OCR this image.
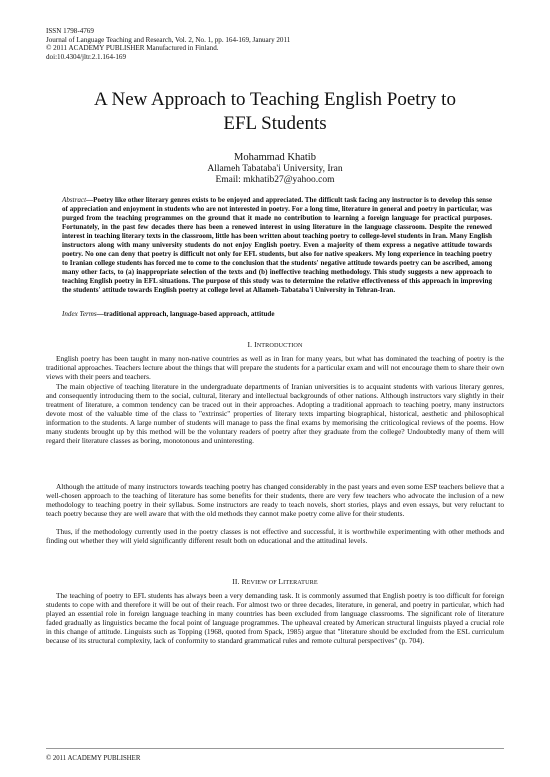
ISSN 1798-4769
Journal of Language Teaching and Research, Vol. 2, No. 1, pp. 164-169, January 2011
© 2011 ACADEMY PUBLISHER Manufactured in Finland.
doi:10.4304/jltr.2.1.164-169
A New Approach to Teaching English Poetry to
EFL Students
Mohammad Khatib
Allameh Tabataba'i University, Iran
Email: mkhatib27@yahoo.com
Abstract—Poetry like other literary genres exists to be enjoyed and appreciated. The difficult task facing any instructor is to develop this sense of appreciation and enjoyment in students who are not interested in poetry. For a long time, literature in general and poetry in particular, was purged from the teaching programmes on the ground that it made no contribution to learning a foreign language for practical purposes. Fortunately, in the past few decades there has been a renewed interest in using literature in the language classroom. Despite the renewed interest in teaching literary texts in the classroom, little has been written about teaching poetry to college-level students in Iran. Many English instructors along with many university students do not enjoy English poetry. Even a majority of them express a negative attitude towards poetry. No one can deny that poetry is difficult not only for EFL students, but also for native speakers. My long experience in teaching poetry to Iranian college students has forced me to come to the conclusion that the students' negative attitude towards poetry can be ascribed, among many other facts, to (a) inappropriate selection of the texts and (b) ineffective teaching methodology. This study suggests a new approach to teaching English poetry in EFL situations. The purpose of this study was to determine the relative effectiveness of this approach in improving the students' attitude towards English poetry at college level at Allameh-Tabataba'i University in Tehran-Iran.
Index Terms—traditional approach, language-based approach, attitude
I. INTRODUCTION
English poetry has been taught in many non-native countries as well as in Iran for many years, but what has dominated the teaching of poetry is the traditional approaches. Teachers lecture about the things that will prepare the students for a particular exam and will not encourage them to share their own views with their peers and teachers.
The main objective of teaching literature in the undergraduate departments of Iranian universities is to acquaint students with various literary genres, and consequently introducing them to the social, cultural, literary and intellectual backgrounds of other nations. Although instructors vary slightly in their treatment of literature, a common tendency can be traced out in their approaches. Adopting a traditional approach to teaching poetry, many instructors devote most of the valuable time of the class to "extrinsic" properties of literary texts imparting biographical, historical, aesthetic and philosophical information to the students. A large number of students will manage to pass the final exams by memorising the criticological reviews of the poems. How many students brought up by this method will be the voluntary readers of poetry after they graduate from the college? Undoubtedly many of them will regard their literature classes as boring, monotonous and uninteresting.
Although the attitude of many instructors towards teaching poetry has changed considerably in the past years and even some ESP teachers believe that a well-chosen approach to the teaching of literature has some benefits for their students, there are very few teachers who advocate the inclusion of a new methodology to teaching poetry in their syllabus. Some instructors are ready to teach novels, short stories, plays and even essays, but very reluctant to teach poetry because they are well aware that with the old methods they cannot make poetry come alive for their students.
Thus, if the methodology currently used in the poetry classes is not effective and successful, it is worthwhile experimenting with other methods and finding out whether they will yield significantly different result both on educational and the attitudinal levels.
II. REVIEW OF LITERATURE
The teaching of poetry to EFL students has always been a very demanding task. It is commonly assumed that English poetry is too difficult for foreign students to cope with and therefore it will be out of their reach. For almost two or three decades, literature, in general, and poetry in particular, which had played an essential role in foreign language teaching in many countries has been excluded from language classrooms. The significant role of literature faded gradually as linguistics became the focal point of language programmes. The upheaval created by American structural linguists played a crucial role in this change of attitude. Linguists such as Topping (1968, quoted from Spack, 1985) argue that "literature should be excluded from the ESL curriculum because of its structural complexity, lack of conformity to standard grammatical rules and remote cultural perspectives" (p. 704).
© 2011 ACADEMY PUBLISHER
